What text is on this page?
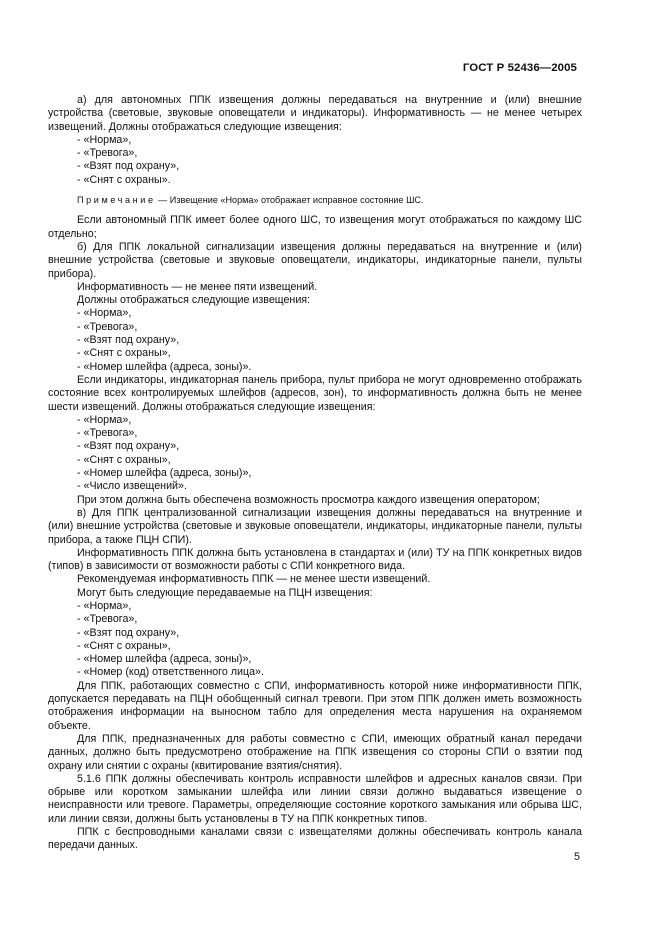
ГОСТ Р 52436—2005

а) для автономных ППК извещения должны передаваться на внутренние и (или) внешние устройства (световые, звуковые оповещатели и индикаторы). Информативность — не менее четырех извещений. Должны отображаться следующие извещения:

- «Норма»,

- «Тревога»,

- «Взят под охрану»,

- «Снят с охраны».

Примечание — Извещение «Норма» отображает исправное состояние ШС.

Если автономный ППК имеет более одного ШС, то извещения могут отображаться по каждому ШС отдельно;

б) Для ППК локальной сигнализации извещения должны передаваться на внутренние и (или) внешние устройства (световые и звуковые оповещатели, индикаторы, индикаторные панели, пульты прибора).

Информативность — не менее пяти извещений.

Должны отображаться следующие извещения:

- «Норма»,

- «Тревога»,

- «Взят под охрану»,

- «Снят с охраны»,

- «Номер шлейфа (адреса, зоны)».

Если индикаторы, индикаторная панель прибора, пульт прибора не могут одновременно отображать состояние всех контролируемых шлейфов (адресов, зон), то информативность должна быть не менее шести извещений. Должны отображаться следующие извещения:

- «Норма»,

- «Тревога»,

- «Взят под охрану»,

- «Снят с охраны»,

- «Номер шлейфа (адреса, зоны)»,

- «Число извещений».

При этом должна быть обеспечена возможность просмотра каждого извещения оператором;

в) Для ППК централизованной сигнализации извещения должны передаваться на внутренние и (или) внешние устройства (световые и звуковые оповещатели, индикаторы, индикаторные панели, пульты прибора, а также ПЦН СПИ).

Информативность ППК должна быть установлена в стандартах и (или) ТУ на ППК конкретных видов (типов) в зависимости от возможности работы с СПИ конкретного вида.

Рекомендуемая информативность ППК — не менее шести извещений.

Могут быть следующие передаваемые на ПЦН извещения:

- «Норма»,

- «Тревога»,

- «Взят под охрану»,

- «Снят с охраны»,

- «Номер шлейфа (адреса, зоны)»,

- «Номер (код) ответственного лица».

Для ППК, работающих совместно с СПИ, информативность которой ниже информативности ППК, допускается передавать на ПЦН обобщенный сигнал тревоги. При этом ППК должен иметь возможность отображения информации на выносном табло для определения места нарушения на охраняемом объекте.

Для ППК, предназначенных для работы совместно с СПИ, имеющих обратный канал передачи данных, должно быть предусмотрено отображение на ППК извещения со стороны СПИ о взятии под охрану или снятии с охраны (квитирование взятия/снятия).

5.1.6 ППК должны обеспечивать контроль исправности шлейфов и адресных каналов связи. При обрыве или коротком замыкании шлейфа или линии связи должно выдаваться извещение о неисправности или тревоге. Параметры, определяющие состояние короткого замыкания или обрыва ШС, или линии связи, должны быть установлены в ТУ на ППК конкретных типов.

ППК с беспроводными каналами связи с извещателями должны обеспечивать контроль канала передачи данных.

5
